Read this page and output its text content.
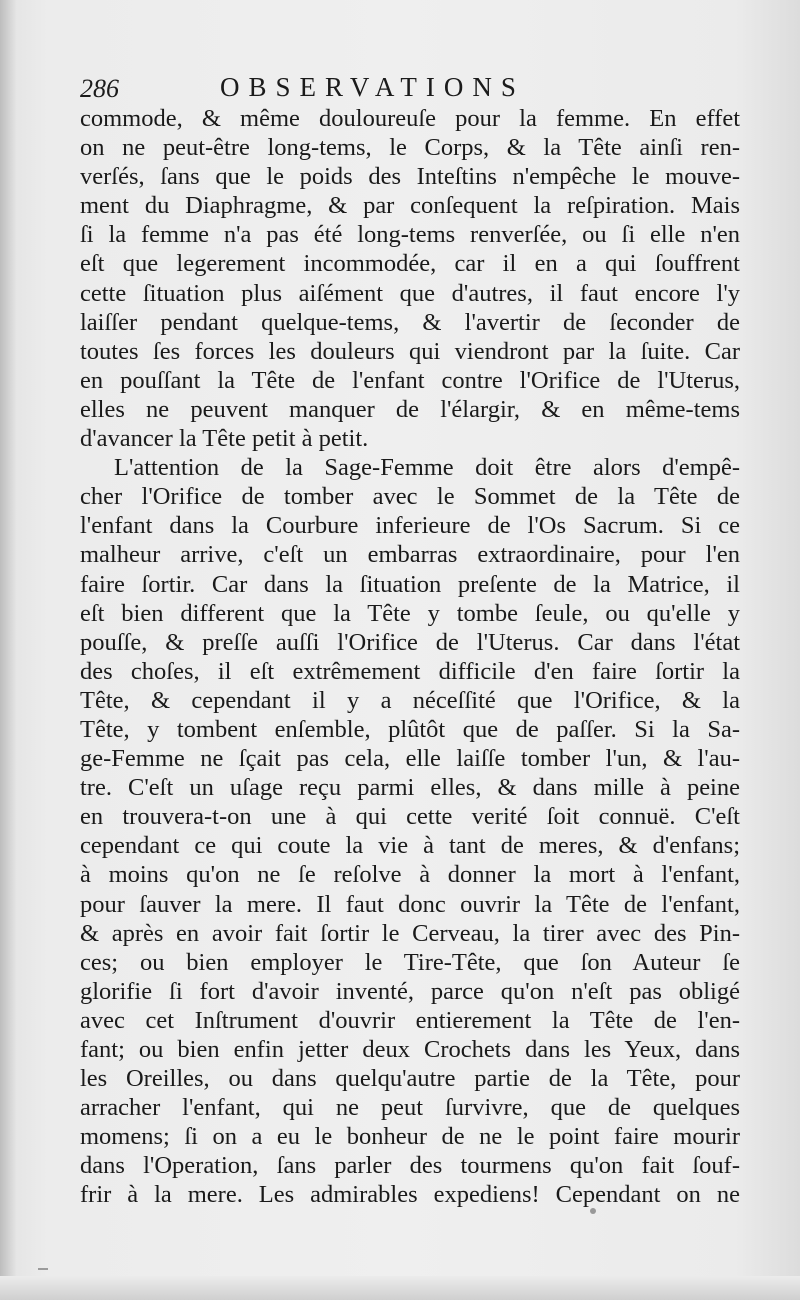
286	OBSERVATIONS
commode, & même douloureuſe pour la femme. En effet
on ne peut-être long-tems, le Corps, & la Tête ainſi ren-
verſés, ſans que le poids des Inteſtins n'empêche le mouve-
ment du Diaphragme, & par conſequent la reſpiration. Mais
ſi la femme n'a pas été long-tems renverſée, ou ſi elle n'en
eſt que legerement incommodée, car il en a qui ſouffrent
cette ſituation plus aiſément que d'autres, il faut encore l'y
laiſſer pendant quelque-tems, & l'avertir de ſeconder de
toutes ſes forces les douleurs qui viendront par la ſuite. Car
en pouſſant la Tête de l'enfant contre l'Orifice de l'Uterus,
elles ne peuvent manquer de l'élargir, & en même-tems
d'avancer la Tête petit à petit.
L'attention de la Sage-Femme doit être alors d'empê-
cher l'Orifice de tomber avec le Sommet de la Tête de
l'enfant dans la Courbure inferieure de l'Os Sacrum. Si ce
malheur arrive, c'eſt un embarras extraordinaire, pour l'en
faire ſortir. Car dans la ſituation preſente de la Matrice, il
eſt bien different que la Tête y tombe ſeule, ou qu'elle y
pouſſe, & preſſe auſſi l'Orifice de l'Uterus. Car dans l'état
des choſes, il eſt extrêmement difficile d'en faire ſortir la
Tête, & cependant il y a néceſſité que l'Orifice, & la
Tête, y tombent enſemble, plûtôt que de paſſer. Si la Sa-
ge-Femme ne ſçait pas cela, elle laiſſe tomber l'un, & l'au-
tre. C'eſt un uſage reçu parmi elles, & dans mille à peine
en trouvera-t-on une à qui cette verité ſoit connuë. C'eſt
cependant ce qui coute la vie à tant de meres, & d'enfans;
à moins qu'on ne ſe reſolve à donner la mort à l'enfant,
pour ſauver la mere. Il faut donc ouvrir la Tête de l'enfant,
& après en avoir fait ſortir le Cerveau, la tirer avec des Pin-
ces; ou bien employer le Tire-Tête, que ſon Auteur ſe
glorifie ſi fort d'avoir inventé, parce qu'on n'eſt pas obligé
avec cet Inſtrument d'ouvrir entierement la Tête de l'en-
fant; ou bien enfin jetter deux Crochets dans les Yeux, dans
les Oreilles, ou dans quelqu'autre partie de la Tête, pour
arracher l'enfant, qui ne peut ſurvivre, que de quelques
momens; ſi on a eu le bonheur de ne le point faire mourir
dans l'Operation, ſans parler des tourmens qu'on fait ſouf-
frir à la mere. Les admirables expediens! Cependant on ne
